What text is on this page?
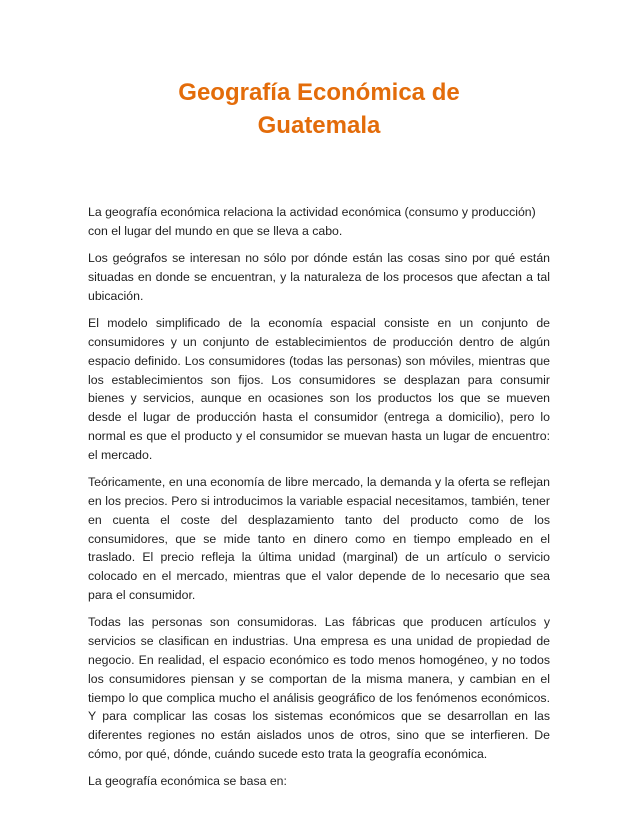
Geografía Económica de
Guatemala

La geografía económica relaciona la actividad económica (consumo y producción) con el lugar del mundo en que se lleva a cabo.

Los geógrafos se interesan no sólo por dónde están las cosas sino por qué están situadas en donde se encuentran, y la naturaleza de los procesos que afectan a tal ubicación.

El modelo simplificado de la economía espacial consiste en un conjunto de consumidores y un conjunto de establecimientos de producción dentro de algún espacio definido. Los consumidores (todas las personas) son móviles, mientras que los establecimientos son fijos. Los consumidores se desplazan para consumir bienes y servicios, aunque en ocasiones son los productos los que se mueven desde el lugar de producción hasta el consumidor (entrega a domicilio), pero lo normal es que el producto y el consumidor se muevan hasta un lugar de encuentro: el mercado.

Teóricamente, en una economía de libre mercado, la demanda y la oferta se reflejan en los precios. Pero si introducimos la variable espacial necesitamos, también, tener en cuenta el coste del desplazamiento tanto del producto como de los consumidores, que se mide tanto en dinero como en tiempo empleado en el traslado. El precio refleja la última unidad (marginal) de un artículo o servicio colocado en el mercado, mientras que el valor depende de lo necesario que sea para el consumidor.

Todas las personas son consumidoras. Las fábricas que producen artículos y servicios se clasifican en industrias. Una empresa es una unidad de propiedad de negocio. En realidad, el espacio económico es todo menos homogéneo, y no todos los consumidores piensan y se comportan de la misma manera, y cambian en el tiempo lo que complica mucho el análisis geográfico de los fenómenos económicos. Y para complicar las cosas los sistemas económicos que se desarrollan en las diferentes regiones no están aislados unos de otros, sino que se interfieren. De cómo, por qué, dónde, cuándo sucede esto trata la geografía económica.

La geografía económica se basa en:
